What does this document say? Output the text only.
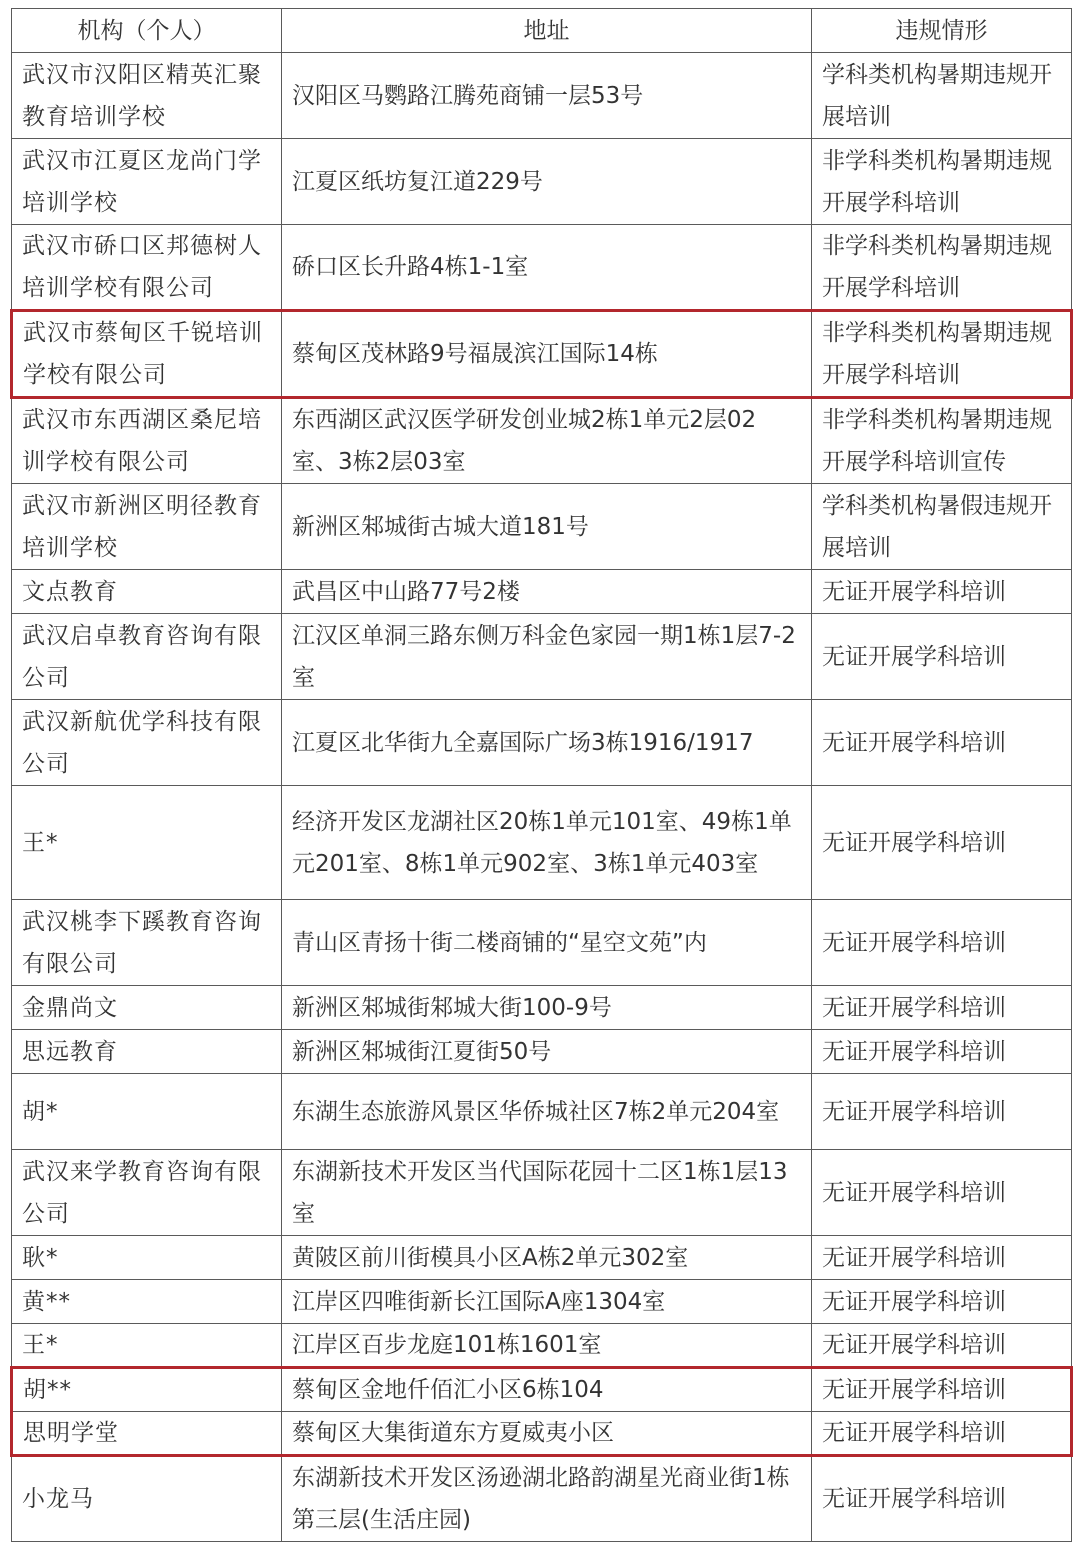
机构（个人）	地址	违规情形
武汉市汉阳区精英汇聚教育培训学校	汉阳区马鹦路江腾苑商铺一层53号	学科类机构暑期违规开展培训
武汉市江夏区龙尚门学培训学校	江夏区纸坊复江道229号	非学科类机构暑期违规开展学科培训
武汉市硚口区邦德树人培训学校有限公司	硚口区长升路4栋1-1室	非学科类机构暑期违规开展学科培训
武汉市蔡甸区千锐培训学校有限公司	蔡甸区茂林路9号福晟滨江国际14栋	非学科类机构暑期违规开展学科培训
武汉市东西湖区桑尼培训学校有限公司	东西湖区武汉医学研发创业城2栋1单元2层02室、3栋2层03室	非学科类机构暑期违规开展学科培训宣传
武汉市新洲区明径教育培训学校	新洲区邾城街古城大道181号	学科类机构暑假违规开展培训
文点教育	武昌区中山路77号2楼	无证开展学科培训
武汉启卓教育咨询有限公司	江汉区单洞三路东侧万科金色家园一期1栋1层7-2室	无证开展学科培训
武汉新航优学科技有限公司	江夏区北华街九全嘉国际广场3栋1916/1917	无证开展学科培训
王*	经济开发区龙湖社区20栋1单元101室、49栋1单元201室、8栋1单元902室、3栋1单元403室	无证开展学科培训
武汉桃李下蹊教育咨询有限公司	青山区青扬十街二楼商铺的“星空文苑”内	无证开展学科培训
金鼎尚文	新洲区邾城街邾城大街100-9号	无证开展学科培训
思远教育	新洲区邾城街江夏街50号	无证开展学科培训
胡*	东湖生态旅游风景区华侨城社区7栋2单元204室	无证开展学科培训
武汉来学教育咨询有限公司	东湖新技术开发区当代国际花园十二区1栋1层13室	无证开展学科培训
耿*	黄陂区前川街模具小区A栋2单元302室	无证开展学科培训
黄**	江岸区四唯街新长江国际A座1304室	无证开展学科培训
王*	江岸区百步龙庭101栋1601室	无证开展学科培训
胡**	蔡甸区金地仟佰汇小区6栋104	无证开展学科培训
思明学堂	蔡甸区大集街道东方夏威夷小区	无证开展学科培训
小龙马	东湖新技术开发区汤逊湖北路韵湖星光商业街1栋第三层(生活庄园)	无证开展学科培训
